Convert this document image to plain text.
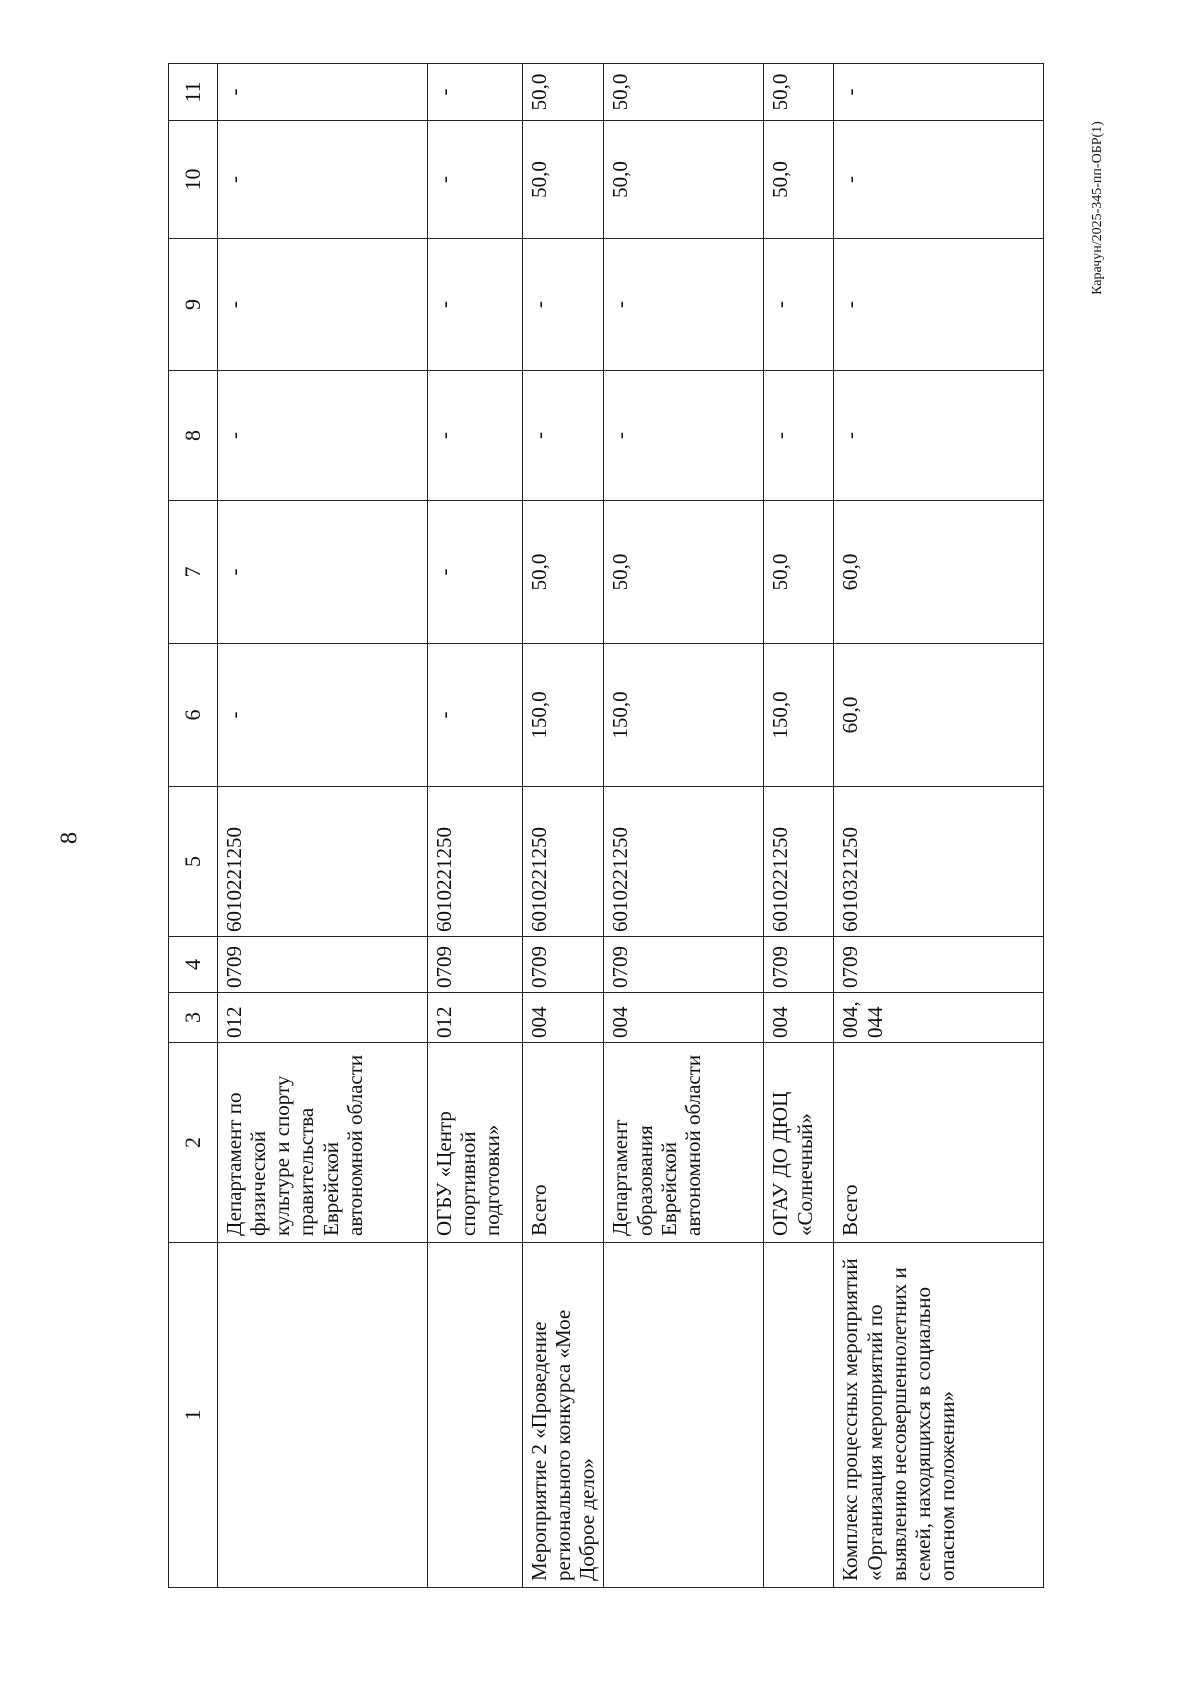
8
Карачун/2025-345-пп-ОБР(1)
1	2	3	4	5	6	7	8	9	10	11
	Департамент по физической культуре и спорту правительства Еврейской автономной области	012	0709	6010221250	-	-	-	-	-	-
	ОГБУ «Центр спортивной подготовки»	012	0709	6010221250	-	-	-	-	-	-
Мероприятие 2 «Проведение регионального конкурса «Мое Доброе дело»	Всего	004	0709	6010221250	150,0	50,0	-	-	50,0	50,0
	Департамент образования Еврейской автономной области	004	0709	6010221250	150,0	50,0	-	-	50,0	50,0
	ОГАУ ДО ДЮЦ «Солнечный»	004	0709	6010221250	150,0	50,0	-	-	50,0	50,0
Комплекс процессных мероприятий «Организация мероприятий по выявлению несовершеннолетних и семей, находящихся в социально опасном положении»	Всего	004, 044	0709	6010321250	60,0	60,0	-	-	-	-
